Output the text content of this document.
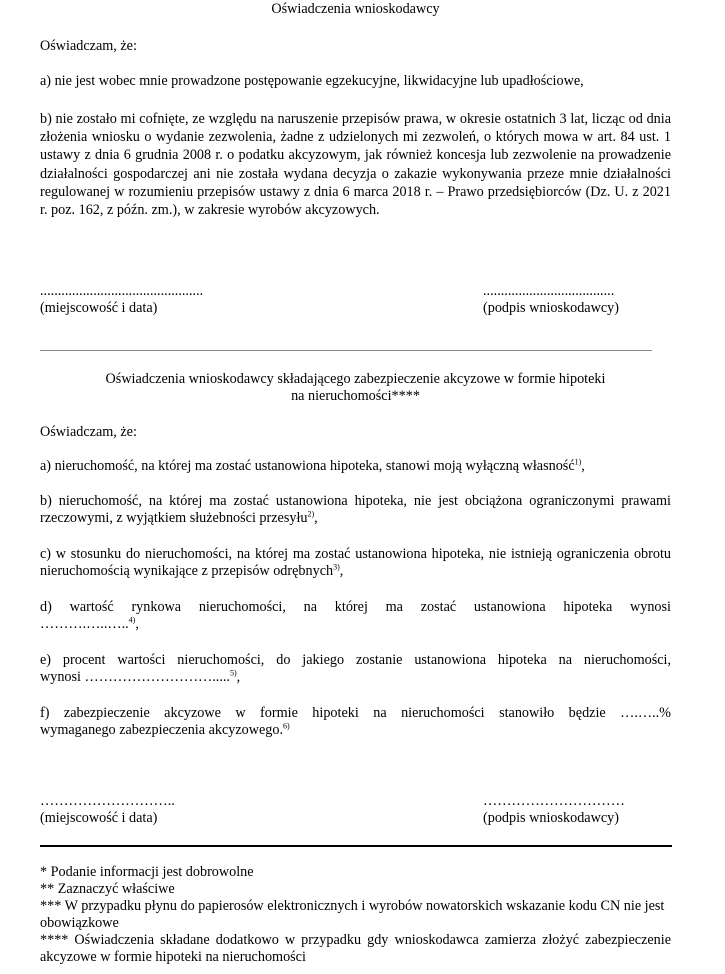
Oświadczenia wnioskodawcy

Oświadczam, że:

a) nie jest wobec mnie prowadzone postępowanie egzekucyjne, likwidacyjne lub upadłościowe,

b) nie zostało mi cofnięte, ze względu na naruszenie przepisów prawa, w okresie ostatnich 3 lat, licząc od dnia złożenia wniosku o wydanie zezwolenia, żadne z udzielonych mi zezwoleń, o których mowa w art. 84 ust. 1 ustawy z dnia 6 grudnia 2008 r. o podatku akcyzowym, jak również koncesja lub zezwolenie na prowadzenie działalności gospodarczej ani nie została wydana decyzja o zakazie wykonywania przeze mnie działalności regulowanej w rozumieniu przepisów ustawy z dnia 6 marca 2018 r. – Prawo przedsiębiorców (Dz. U. z 2021 r. poz. 162, z późn. zm.), w zakresie wyrobów akcyzowych.

..............................................
(miejscowość i data)
.....................................
(podpis wnioskodawcy)

Oświadczenia wnioskodawcy składającego zabezpieczenie akcyzowe w formie hipoteki
na nieruchomości****

Oświadczam, że:

a) nieruchomość, na której ma zostać ustanowiona hipoteka, stanowi moją wyłączną własność$^{1)}$,

b) nieruchomość, na której ma zostać ustanowiona hipoteka, nie jest obciążona ograniczonymi prawami rzeczowymi, z wyjątkiem służebności przesyłu$^{2)}$,

c) w stosunku do nieruchomości, na której ma zostać ustanowiona hipoteka, nie istnieją ograniczenia obrotu nieruchomością wynikające z przepisów odrębnych$^{3)}$,

d) wartość rynkowa nieruchomości, na której ma zostać ustanowiona hipoteka wynosi
……….…..…..$^{4)}$,
e) procent wartości nieruchomości, do jakiego zostanie ustanowiona hipoteka na nieruchomości,
wynosi ……………………….....$^{5)}$,
f) zabezpieczenie akcyzowe w formie hipoteki na nieruchomości stanowiło będzie ….…..%
wymaganego zabezpieczenia akcyzowego.$^{6)}$
………………………..
(miejscowość i data)
…………………………
(podpis wnioskodawcy)
* Podanie informacji jest dobrowolne
** Zaznaczyć właściwe
*** W przypadku płynu do papierosów elektronicznych i wyrobów nowatorskich wskazanie kodu CN nie jest obowiązkowe
**** Oświadczenia składane dodatkowo w przypadku gdy wnioskodawca zamierza złożyć zabezpieczenie akcyzowe w formie hipoteki na nieruchomości
